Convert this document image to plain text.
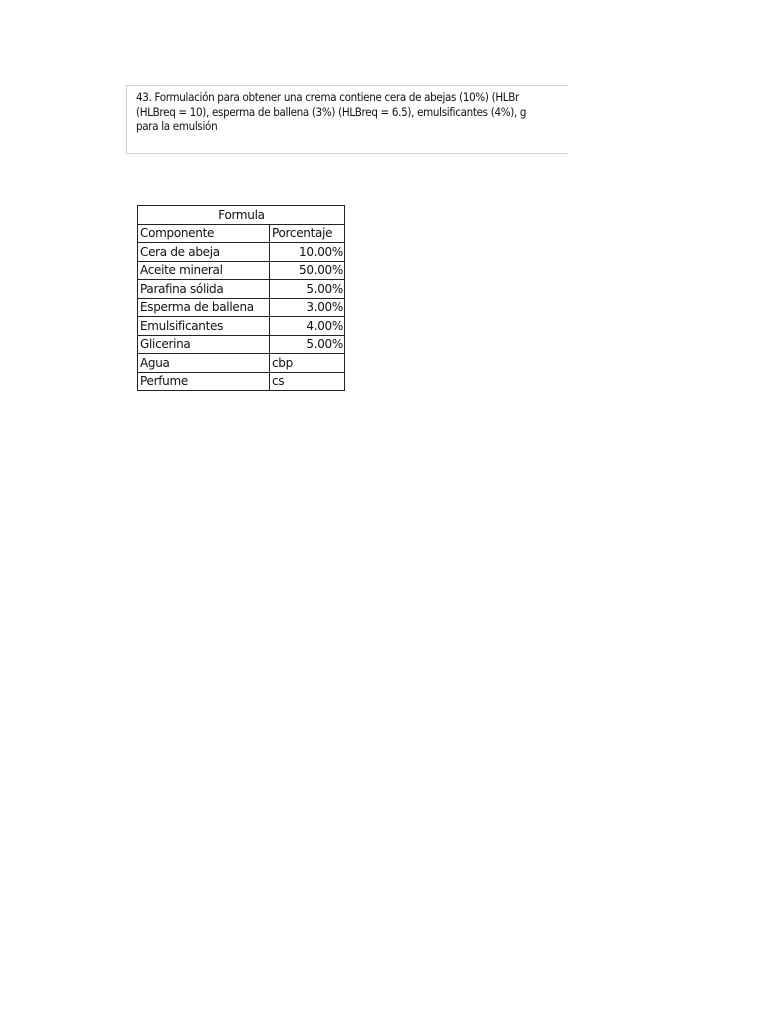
43. Formulación para obtener una crema contiene cera de abejas (10%) (HLBr
(HLBreq = 10), esperma de ballena (3%) (HLBreq = 6.5), emulsificantes (4%), g
para la emulsión

Formula	
Componente	Porcentaje
Cera de abeja	10.00%
Aceite mineral	50.00%
Parafina sólida	5.00%
Esperma de ballena	3.00%
Emulsificantes	4.00%
Glicerina	5.00%
Agua	cbp
Perfume	cs
